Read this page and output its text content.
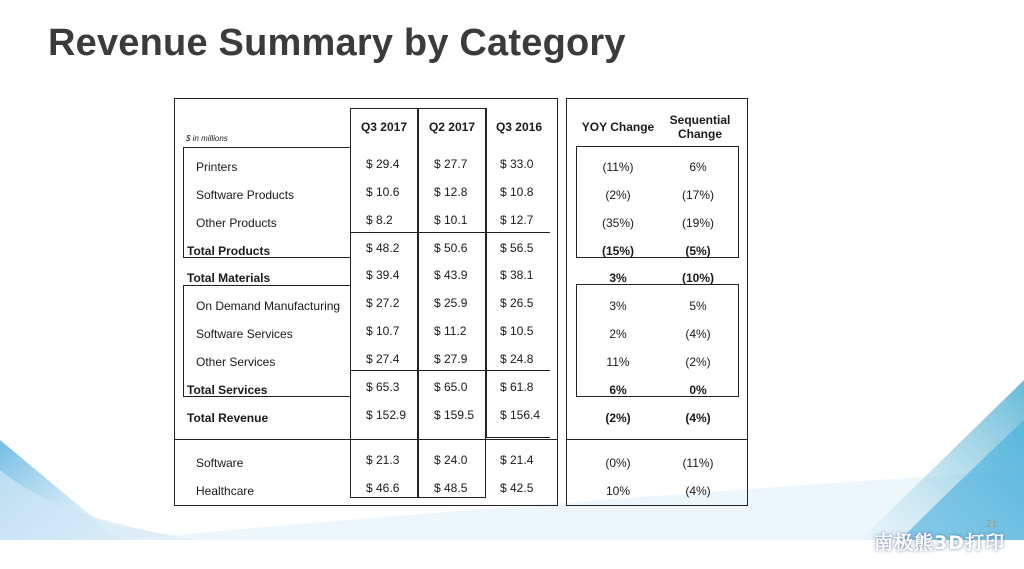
Revenue Summary by Category
$ in millions
Q3 2017	Q2 2017	Q3 2016	YOY Change	Sequential Change
Printers	$ 29.4	$ 27.7	$ 33.0	(11%)	6%
Software Products	$ 10.6	$ 12.8	$ 10.8	(2%)	(17%)
Other Products	$ 8.2	$ 10.1	$ 12.7	(35%)	(19%)
Total Products	$ 48.2	$ 50.6	$ 56.5	(15%)	(5%)
Total Materials	$ 39.4	$ 43.9	$ 38.1	3%	(10%)
On Demand Manufacturing $ 27.2	$ 25.9	$ 26.5	3%	5%
Software Services	$ 10.7	$ 11.2	$ 10.5	2%	(4%)
Other Services	$ 27.4	$ 27.9	$ 24.8	11%	(2%)
Total Services	$ 65.3	$ 65.0	$ 61.8	6%	0%
Total Revenue	$ 152.9 $ 159.5 $ 156.4	(2%)	(4%)
Software	$ 21.3	$ 24.0	$ 21.4	(0%)	(11%)
Healthcare	$ 46.6	$ 48.5	$ 42.5	10%	(4%)
21
南极熊3D打印
